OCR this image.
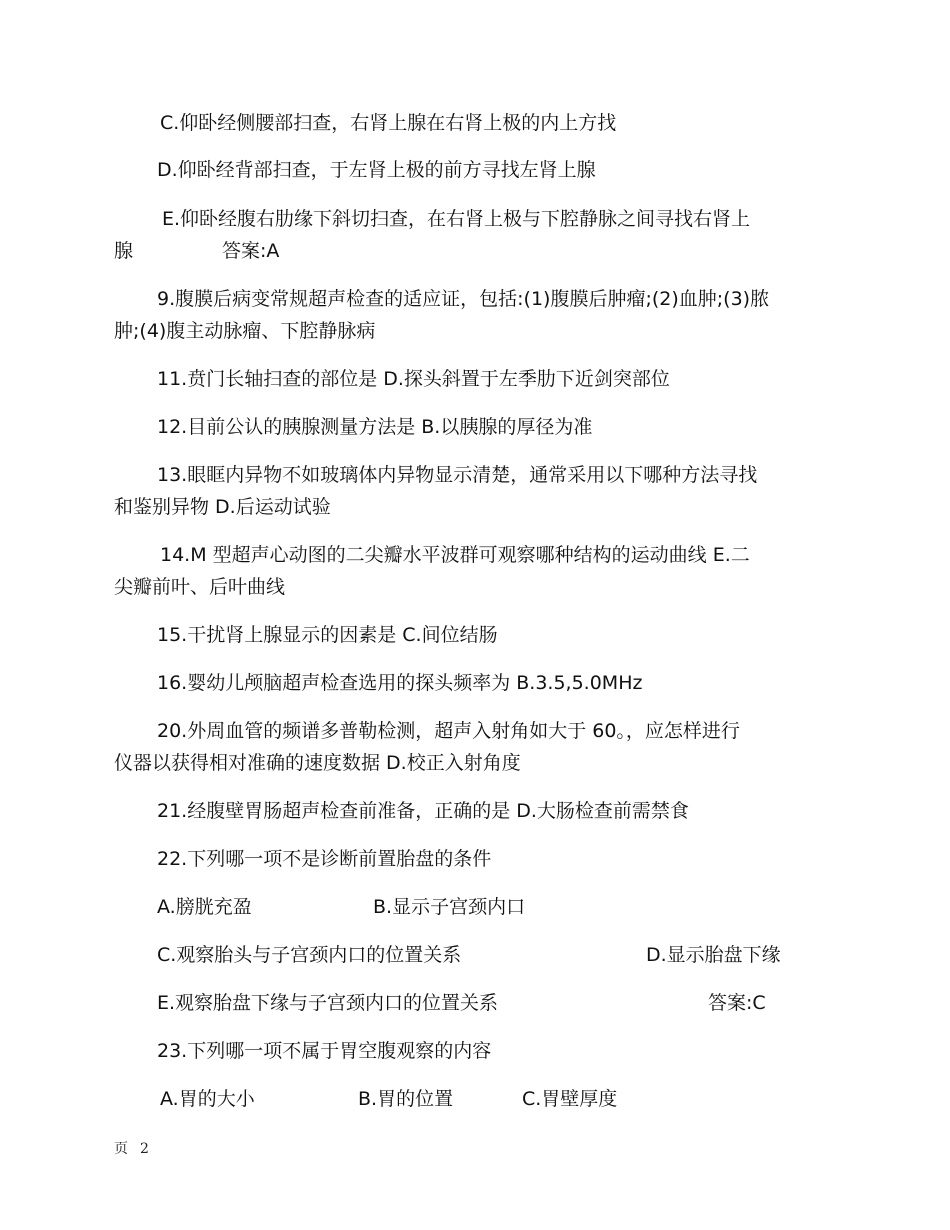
C.仰卧经侧腰部扫查，右肾上腺在右肾上极的内上方找
D.仰卧经背部扫查，于左肾上极的前方寻找左肾上腺
E.仰卧经腹右肋缘下斜切扫查，在右肾上极与下腔静脉之间寻找右肾上
腺	答案:A
9.腹膜后病变常规超声检查的适应证，包括:(1)腹膜后肿瘤;(2)血肿;(3)脓
肿;(4)腹主动脉瘤、下腔静脉病
11.贲门长轴扫查的部位是 D.探头斜置于左季肋下近剑突部位
12.目前公认的胰腺测量方法是 B.以胰腺的厚径为准
13.眼眶内异物不如玻璃体内异物显示清楚，通常采用以下哪种方法寻找
和鉴别异物 D.后运动试验
14.M 型超声心动图的二尖瓣水平波群可观察哪种结构的运动曲线 E.二
尖瓣前叶、后叶曲线
15.干扰肾上腺显示的因素是 C.间位结肠
16.婴幼儿颅脑超声检查选用的探头频率为 B.3.5,5.0MHz
20.外周血管的频谱多普勒检测，超声入射角如大于 60。，应怎样进行
仪器以获得相对准确的速度数据 D.校正入射角度
21.经腹壁胃肠超声检查前准备，正确的是 D.大肠检查前需禁食
22.下列哪一项不是诊断前置胎盘的条件
A.膀胱充盈	B.显示子宫颈内口
C.观察胎头与子宫颈内口的位置关系	D.显示胎盘下缘
E.观察胎盘下缘与子宫颈内口的位置关系	答案:C
23.下列哪一项不属于胃空腹观察的内容
A.胃的大小	B.胃的位置	C.胃壁厚度
页 2
